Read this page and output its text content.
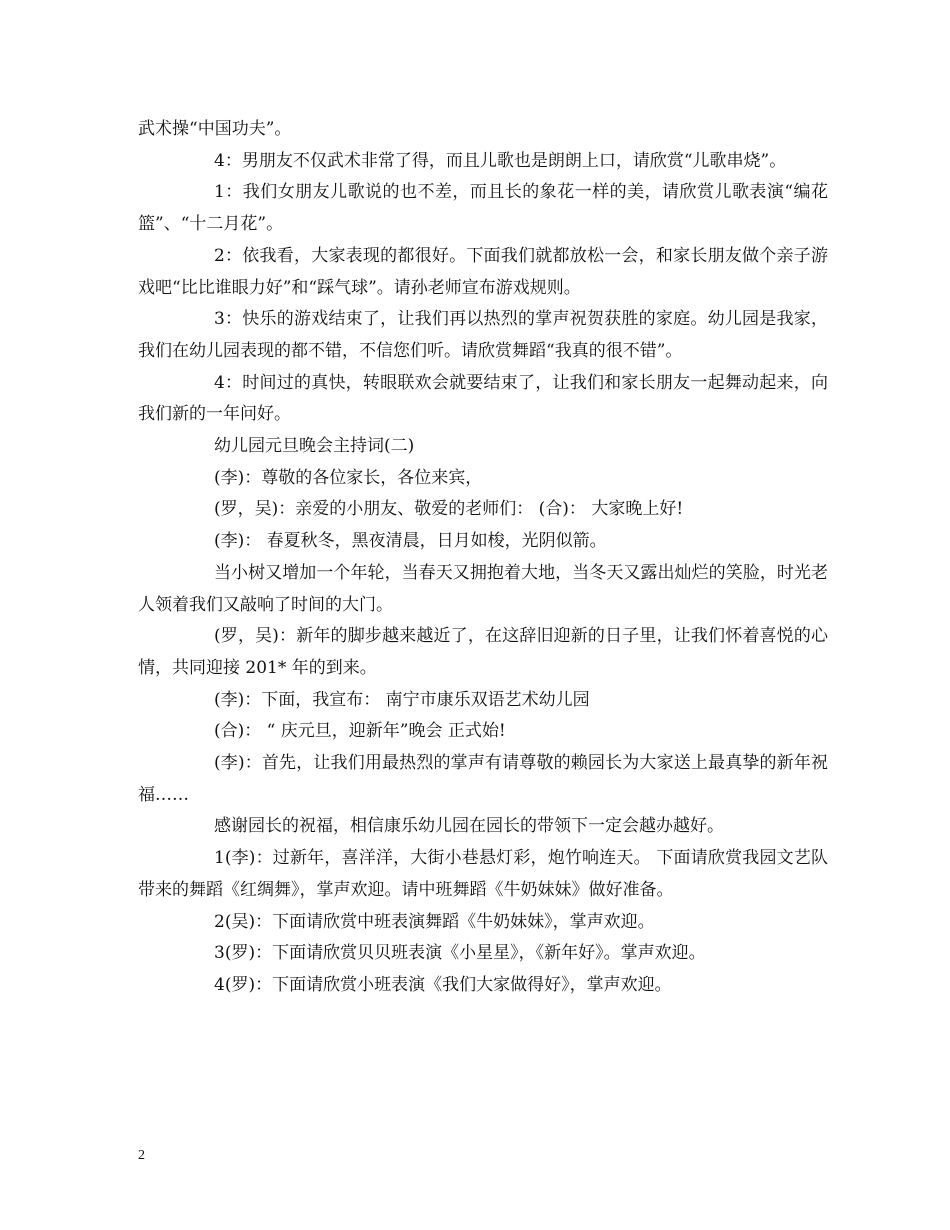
武术操“中国功夫”。

4：男朋友不仅武术非常了得，而且儿歌也是朗朗上口，请欣赏“儿歌串烧”。

1：我们女朋友儿歌说的也不差，而且长的象花一样的美，请欣赏儿歌表演“编花篮”、“十二月花”。

2：依我看，大家表现的都很好。下面我们就都放松一会，和家长朋友做个亲子游戏吧“比比谁眼力好”和“踩气球”。请孙老师宣布游戏规则。

3：快乐的游戏结束了，让我们再以热烈的掌声祝贺获胜的家庭。幼儿园是我家，我们在幼儿园表现的都不错，不信您们听。请欣赏舞蹈“我真的很不错”。

4：时间过的真快，转眼联欢会就要结束了，让我们和家长朋友一起舞动起来，向我们新的一年问好。

幼儿园元旦晚会主持词(二)

(李)：尊敬的各位家长，各位来宾，

(罗，吴)：亲爱的小朋友、敬爱的老师们： (合)： 大家晚上好!

(李)： 春夏秋冬，黑夜清晨，日月如梭，光阴似箭。

当小树又增加一个年轮，当春天又拥抱着大地，当冬天又露出灿烂的笑脸，时光老人领着我们又敲响了时间的大门。

(罗，吴)：新年的脚步越来越近了，在这辞旧迎新的日子里，让我们怀着喜悦的心情，共同迎接 201* 年的到来。

(李)：下面，我宣布： 南宁市康乐双语艺术幼儿园

(合)： “ 庆元旦，迎新年”晚会 正式始!

(李)：首先，让我们用最热烈的掌声有请尊敬的赖园长为大家送上最真挚的新年祝福……

感谢园长的祝福，相信康乐幼儿园在园长的带领下一定会越办越好。

1(李)：过新年，喜洋洋，大街小巷悬灯彩，炮竹响连天。 下面请欣赏我园文艺队带来的舞蹈《红绸舞》，掌声欢迎。请中班舞蹈《牛奶妹妹》做好准备。

2(吴)：下面请欣赏中班表演舞蹈《牛奶妹妹》，掌声欢迎。

3(罗)：下面请欣赏贝贝班表演《小星星》，《新年好》。掌声欢迎。

4(罗)：下面请欣赏小班表演《我们大家做得好》，掌声欢迎。

2
